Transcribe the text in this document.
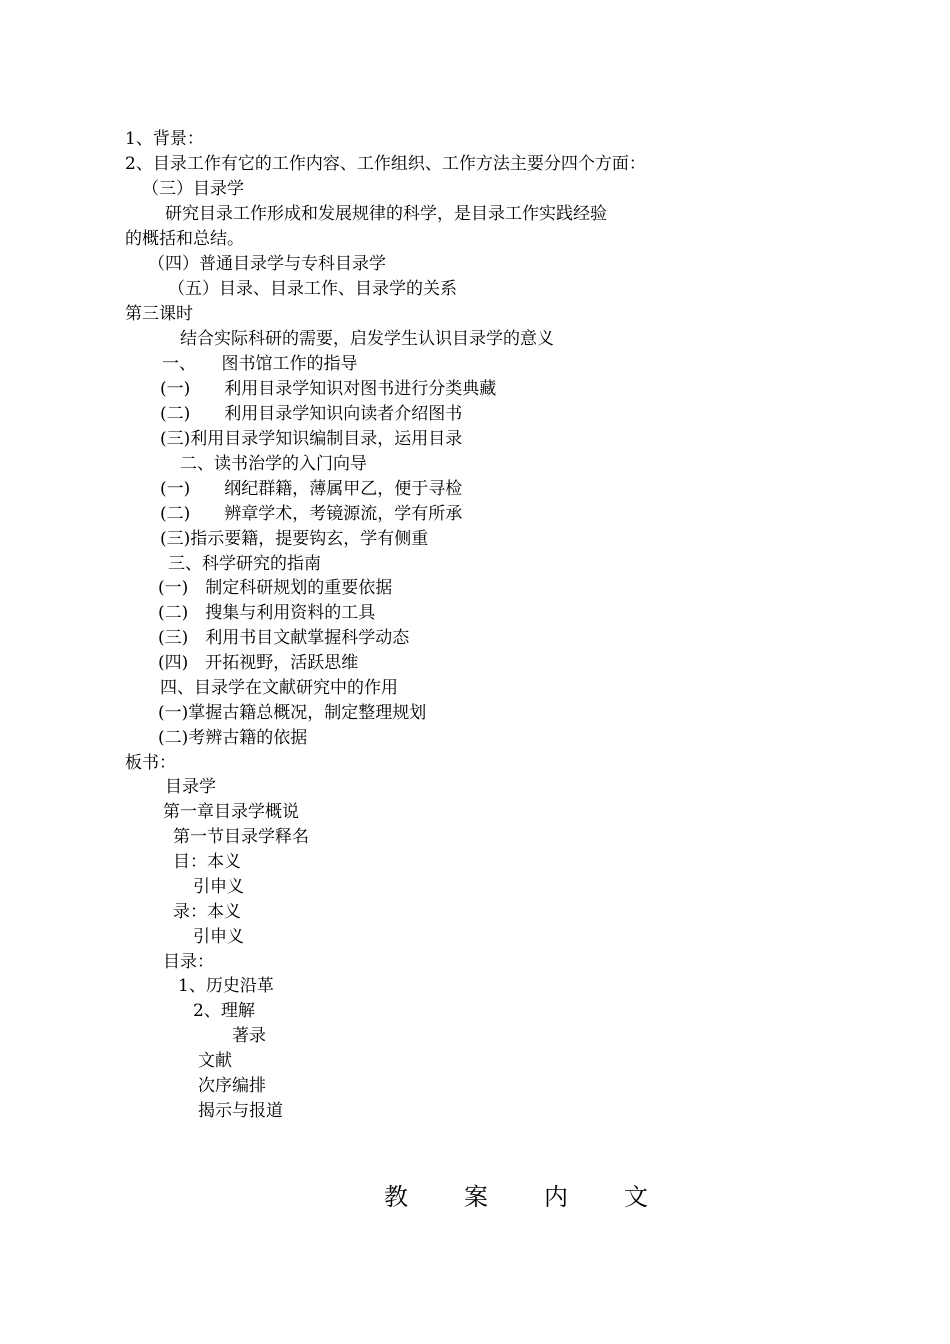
1、背景：

2、目录工作有它的工作内容、工作组织、工作方法主要分四个方面：

（三）目录学

研究目录工作形成和发展规律的科学，是目录工作实践经验

的概括和总结。

（四）普通目录学与专科目录学

（五）目录、目录工作、目录学的关系

第三课时

结合实际科研的需要，启发学生认识目录学的意义

一、　　图书馆工作的指导

(一)　　利用目录学知识对图书进行分类典藏

(二)　　利用目录学知识向读者介绍图书

(三)利用目录学知识编制目录，运用目录

二、读书治学的入门向导

(一)　　纲纪群籍，薄属甲乙，便于寻检

(二)　　辨章学术，考镜源流，学有所承

(三)指示要籍，提要钩玄，学有侧重

三、科学研究的指南

(一)　制定科研规划的重要依据

(二)　搜集与利用资料的工具

(三)　利用书目文献掌握科学动态

(四)　开拓视野，活跃思维

四、目录学在文献研究中的作用

(一)掌握古籍总概况，制定整理规划

(二)考辨古籍的依据

板书：

目录学

第一章目录学概说

第一节目录学释名

目：本义

引申义

录：本义

引申义

目录：

1、历史沿革

2、理解

著录

文献

次序编排

揭示与报道

教 案 内 文
